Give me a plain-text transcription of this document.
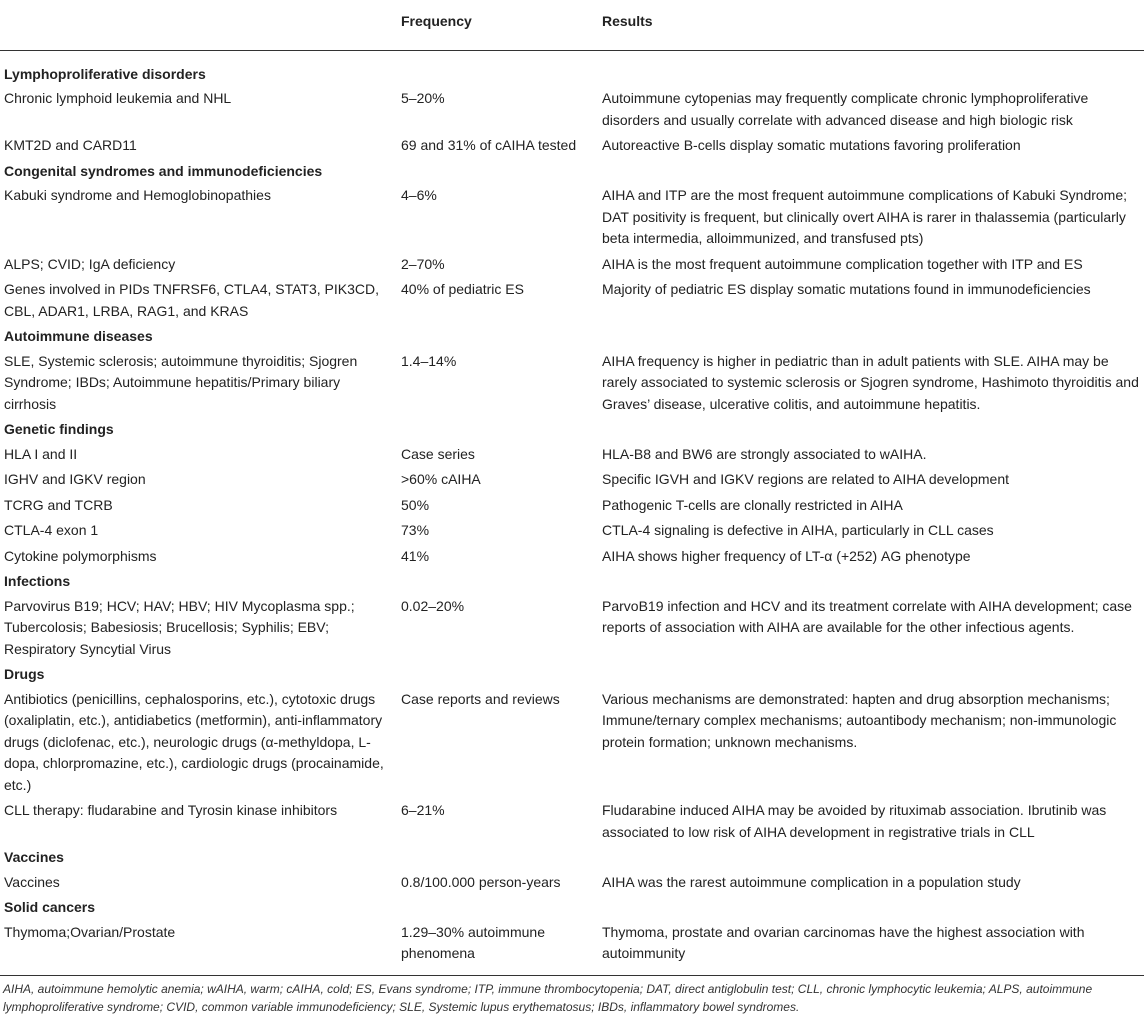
	Frequency	Results
Lymphoproliferative disorders		
Chronic lymphoid leukemia and NHL	5–20%	Autoimmune cytopenias may frequently complicate chronic lymphoproliferative disorders and usually correlate with advanced disease and high biologic risk
KMT2D and CARD11	69 and 31% of cAIHA tested	Autoreactive B-cells display somatic mutations favoring proliferation
Congenital syndromes and immunodeficiencies		
Kabuki syndrome and Hemoglobinopathies	4–6%	AIHA and ITP are the most frequent autoimmune complications of Kabuki Syndrome; DAT positivity is frequent, but clinically overt AIHA is rarer in thalassemia (particularly beta intermedia, alloimmunized, and transfused pts)
ALPS; CVID; IgA deficiency	2–70%	AIHA is the most frequent autoimmune complication together with ITP and ES
Genes involved in PIDs TNFRSF6, CTLA4, STAT3, PIK3CD, CBL, ADAR1, LRBA, RAG1, and KRAS	40% of pediatric ES	Majority of pediatric ES display somatic mutations found in immunodeficiencies
Autoimmune diseases		
SLE, Systemic sclerosis; autoimmune thyroiditis; Sjogren Syndrome; IBDs; Autoimmune hepatitis/Primary biliary cirrhosis	1.4–14%	AIHA frequency is higher in pediatric than in adult patients with SLE. AIHA may be rarely associated to systemic sclerosis or Sjogren syndrome, Hashimoto thyroiditis and Graves’ disease, ulcerative colitis, and autoimmune hepatitis.
Genetic findings		
HLA I and II	Case series	HLA-B8 and BW6 are strongly associated to wAIHA.
IGHV and IGKV region	>60% cAIHA	Specific IGVH and IGKV regions are related to AIHA development
TCRG and TCRB	50%	Pathogenic T-cells are clonally restricted in AIHA
CTLA-4 exon 1	73%	CTLA-4 signaling is defective in AIHA, particularly in CLL cases
Cytokine polymorphisms	41%	AIHA shows higher frequency of LT-α (+252) AG phenotype
Infections		
Parvovirus B19; HCV; HAV; HBV; HIV Mycoplasma spp.; Tubercolosis; Babesiosis; Brucellosis; Syphilis; EBV; Respiratory Syncytial Virus	0.02–20%	ParvoB19 infection and HCV and its treatment correlate with AIHA development; case reports of association with AIHA are available for the other infectious agents.
Drugs		
Antibiotics (penicillins, cephalosporins, etc.), cytotoxic drugs (oxaliplatin, etc.), antidiabetics (metformin), anti-inflammatory drugs (diclofenac, etc.), neurologic drugs (α-methyldopa, L-dopa, chlorpromazine, etc.), cardiologic drugs (procainamide, etc.)	Case reports and reviews	Various mechanisms are demonstrated: hapten and drug absorption mechanisms; Immune/ternary complex mechanisms; autoantibody mechanism; non-immunologic protein formation; unknown mechanisms.
CLL therapy: fludarabine and Tyrosin kinase inhibitors	6–21%	Fludarabine induced AIHA may be avoided by rituximab association. Ibrutinib was associated to low risk of AIHA development in registrative trials in CLL
Vaccines		
Vaccines	0.8/100.000 person-years	AIHA was the rarest autoimmune complication in a population study
Solid cancers		
Thymoma;Ovarian/Prostate	1.29–30% autoimmune phenomena	Thymoma, prostate and ovarian carcinomas have the highest association with autoimmunity
AIHA, autoimmune hemolytic anemia; wAIHA, warm; cAIHA, cold; ES, Evans syndrome; ITP, immune thrombocytopenia; DAT, direct antiglobulin test; CLL, chronic lymphocytic leukemia; ALPS, autoimmune lymphoproliferative syndrome; CVID, common variable immunodeficiency; SLE, Systemic lupus erythematosus; IBDs, inflammatory bowel syndromes.
